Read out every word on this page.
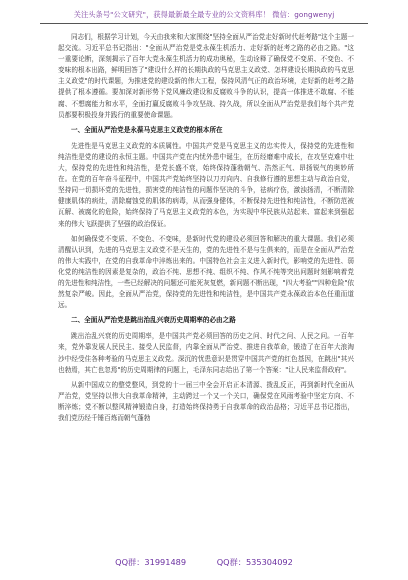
关注头条号"公文研究"，获得最新最全最专业的公文资料库！ 微信：gongwenyj

同志们，根据学习计划，今天由我来和大家围绕"坚持全面从严治党走好新时代赶考路"这个主题一起交流。习近平总书记指出："全面从严治党是党永葆生机活力、走好新的赶考之路的必由之路。"这一重要论断，深刻揭示了百年大党永葆生机活力的成功奥秘，生动诠释了确保党不变质、不变色、不变味的根本出路，鲜明回答了"建设什么样的长期执政的马克思主义政党、怎样建设长期执政的马克思主义政党"的时代课题，为推进党的建设新的伟大工程，保持风清气正的政治环境，走好新的赶考之路提供了根本遵循。要加深对新形势下党风廉政建设和反腐败斗争的认识，提高一体推进不敢腐、不能腐、不想腐能力和水平，全面打赢反腐败斗争攻坚战、持久战，所以全面从严治党是我们每个共产党员都要积极投身并践行的重要使命课题。

一、全面从严治党是永葆马克思主义政党的根本所在

先进性是马克思主义政党的本质属性。中国共产党是马克思主义的忠实传人，保持党的先进性和纯洁性是党的建设的永恒主题。中国共产党在内忧外患中诞生，在历经磨难中成长，在攻坚克难中壮大，保持党的先进性和纯洁性，是党长盛不衰，始终保持蓬勃朝气、浩然正气、昂扬锐气的奥妙所在。在党的百年奋斗征程中，中国共产党始终坚持以刀刃向内、自我修行遵的思想主动与政治自觉，坚持同一切损坏党的先进性，损害党的纯洁性的问题作坚决的斗争，祛病疗伤，激浊扬清，不断清除健康肌体的病灶，清除腐蚀党的肌体的病毒，从而强身健体，不断保持先进性和纯洁性，不断防范被瓦解、被腐化的危险，始终保持了马克思主义政党的本色，为实现中华民族从站起来、富起来到强起来的伟大飞跃提供了坚强的政治保证。

如何确保党不变质、不变色、不变味，是新时代党的建设必须回答和解决的重大课题。我们必须清醒认识到，先进的马克思主义政党不是天生的，党的先进性不是与生俱来的，而是在全面从严治党的伟大实践中，在党的自我革命中淬炼出来的。中国特色社会主义进入新时代，影响党的先进性、弱化党的纯洁性的因素是复杂的，政治不纯、思想不纯、组织不纯、作风不纯等突出问题时刻影响着党的先进性和纯洁性，一些已经解决的问题还可能死灰复燃，新问题不断出现，"四大考验""四种危险"依然复杂严峻。因此，全面从严治党，保持党的先进性和纯洁性，是中国共产党永葆政治本色任重而道远。

二、全面从严治党是跳出治乱兴衰历史周期率的必由之路

跳出治乱兴衰的历史周期率，是中国共产党必须回答的历史之问、时代之问、人民之问。一百年来，党外靠发展人民民主、接受人民监督，内靠全面从严治党、推进自我革命，锻造了在百年大浪淘沙中经受住各种考验的马克思主义政党。深沉的忧患意识是贯穿中国共产党的红色基因，在跳出"其兴也勃焉，其亡也忽焉"的历史周期律的问题上，毛泽东同志给出了第一个答案："让人民来监督政府"。

从新中国成立的整党整风，到党的十一届三中全会开启正本清源、拨乱反正，再到新时代全面从严治党，党坚持以伟大自我革命精神，主动跨过一个又一个关口，确保党在风雨考验中坚定方向、不断淬炼；党不断以整风精神锻造自身，打造始终保持勇于自我革命的政治品格；习近平总书记指出，我们党历经千锤百炼而朝气蓬勃

QQ群：31991489	QQ群：535304092
